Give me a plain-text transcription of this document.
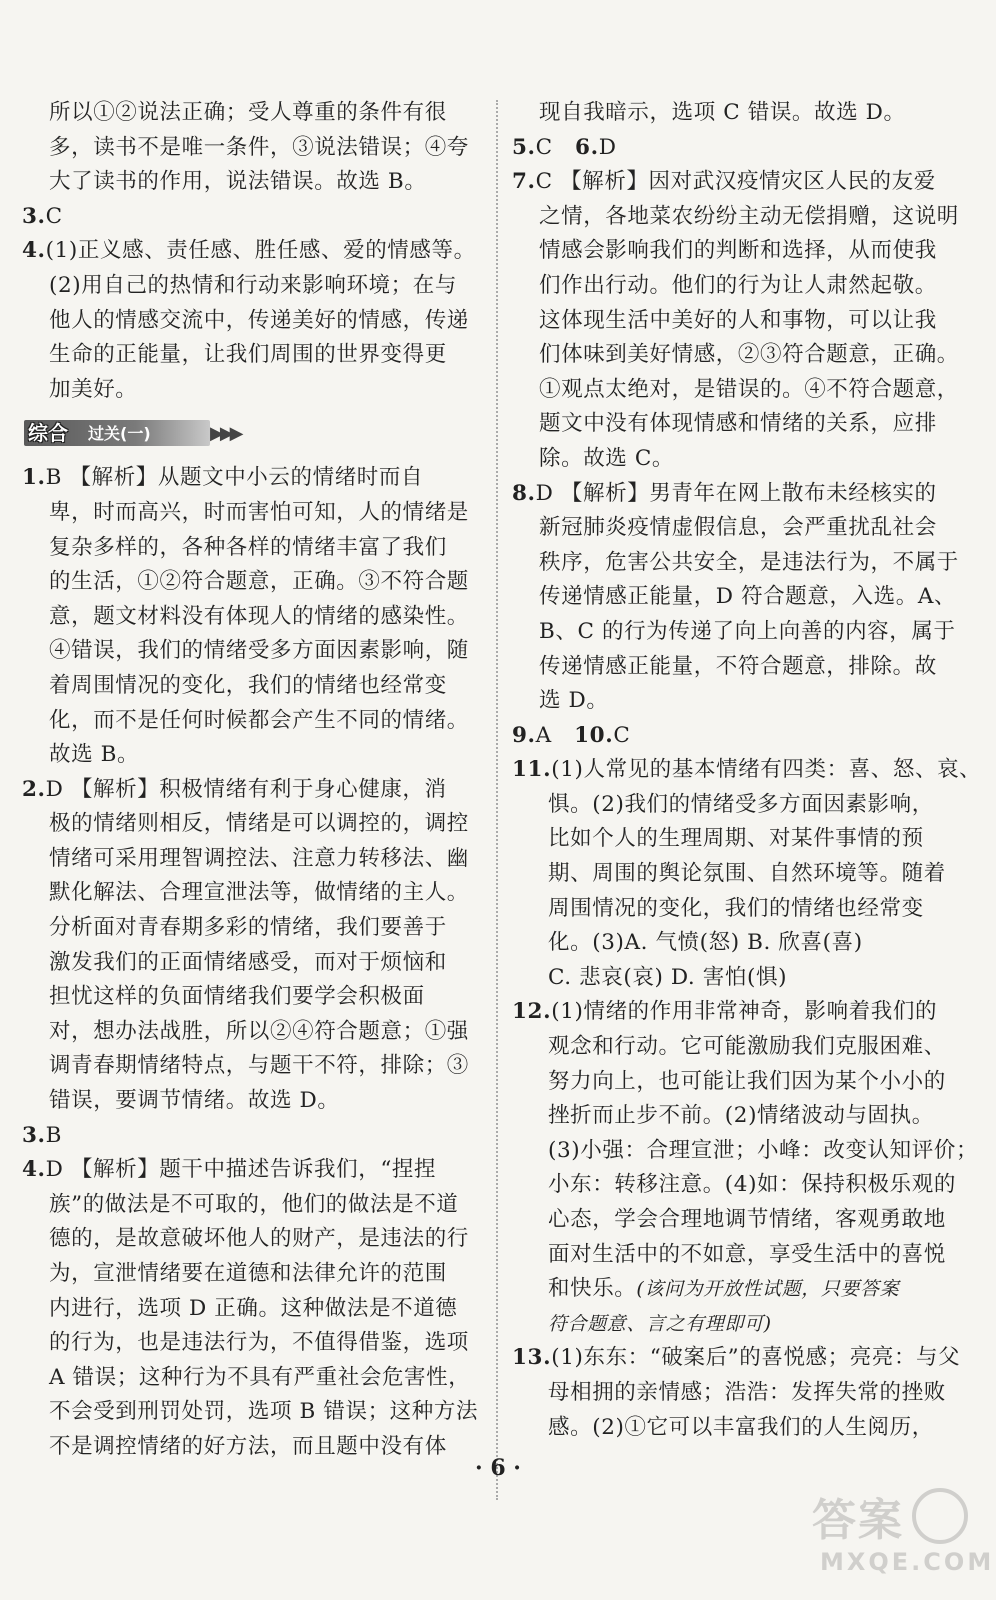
所以①②说法正确；受人尊重的条件有很
多，读书不是唯一条件，③说法错误；④夸
大了读书的作用，说法错误。故选 B。
3.C
4.(1)正义感、责任感、胜任感、爱的情感等。
(2)用自己的热情和行动来影响环境；在与
他人的情感交流中，传递美好的情感，传递
生命的正能量，让我们周围的世界变得更
加美好。
综合 过关(一)	▶▶▶
1.B 【解析】从题文中小云的情绪时而自
卑，时而高兴，时而害怕可知，人的情绪是
复杂多样的，各种各样的情绪丰富了我们
的生活，①②符合题意，正确。③不符合题
意，题文材料没有体现人的情绪的感染性。
④错误，我们的情绪受多方面因素影响，随
着周围情况的变化，我们的情绪也经常变
化，而不是任何时候都会产生不同的情绪。
故选 B。
2.D 【解析】积极情绪有利于身心健康，消
极的情绪则相反，情绪是可以调控的，调控
情绪可采用理智调控法、注意力转移法、幽
默化解法、合理宣泄法等，做情绪的主人。
分析面对青春期多彩的情绪，我们要善于
激发我们的正面情绪感受，而对于烦恼和
担忧这样的负面情绪我们要学会积极面
对，想办法战胜，所以②④符合题意；①强
调青春期情绪特点，与题干不符，排除；③
错误，要调节情绪。故选 D。
3.B
4.D 【解析】题干中描述告诉我们，“捏捏
族”的做法是不可取的，他们的做法是不道
德的，是故意破坏他人的财产，是违法的行
为，宣泄情绪要在道德和法律允许的范围
内进行，选项 D 正确。这种做法是不道德
的行为，也是违法行为，不值得借鉴，选项
A 错误；这种行为不具有严重社会危害性，
不会受到刑罚处罚，选项 B 错误；这种方法
不是调控情绪的好方法，而且题中没有体
现自我暗示，选项 C 错误。故选 D。
5.C 6.D
7.C 【解析】因对武汉疫情灾区人民的友爱
之情，各地菜农纷纷主动无偿捐赠，这说明
情感会影响我们的判断和选择，从而使我
们作出行动。他们的行为让人肃然起敬。
这体现生活中美好的人和事物，可以让我
们体味到美好情感，②③符合题意，正确。
①观点太绝对，是错误的。④不符合题意，
题文中没有体现情感和情绪的关系，应排
除。故选 C。
8.D 【解析】男青年在网上散布未经核实的
新冠肺炎疫情虚假信息，会严重扰乱社会
秩序，危害公共安全，是违法行为，不属于
传递情感正能量，D 符合题意，入选。A、
B、C 的行为传递了向上向善的内容，属于
传递情感正能量，不符合题意，排除。故
选 D。
9.A 10.C
11.(1)人常见的基本情绪有四类：喜、怒、哀、
惧。(2)我们的情绪受多方面因素影响，
比如个人的生理周期、对某件事情的预
期、周围的舆论氛围、自然环境等。随着
周围情况的变化，我们的情绪也经常变
化。(3)A. 气愤(怒) B. 欣喜(喜)
C. 悲哀(哀) D. 害怕(惧)
12.(1)情绪的作用非常神奇，影响着我们的
观念和行动。它可能激励我们克服困难、
努力向上，也可能让我们因为某个小小的
挫折而止步不前。(2)情绪波动与固执。
(3)小强：合理宣泄；小峰：改变认知评价；
小东：转移注意。(4)如：保持积极乐观的
心态，学会合理地调节情绪，客观勇敢地
面对生活中的不如意，享受生活中的喜悦
和快乐。(该问为开放性试题，只要答案
符合题意、言之有理即可)
13.(1)东东：“破案后”的喜悦感；亮亮：与父
母相拥的亲情感；浩浩：发挥失常的挫败
感。(2)①它可以丰富我们的人生阅历，
· 6 ·
答案
MXQE.COM
